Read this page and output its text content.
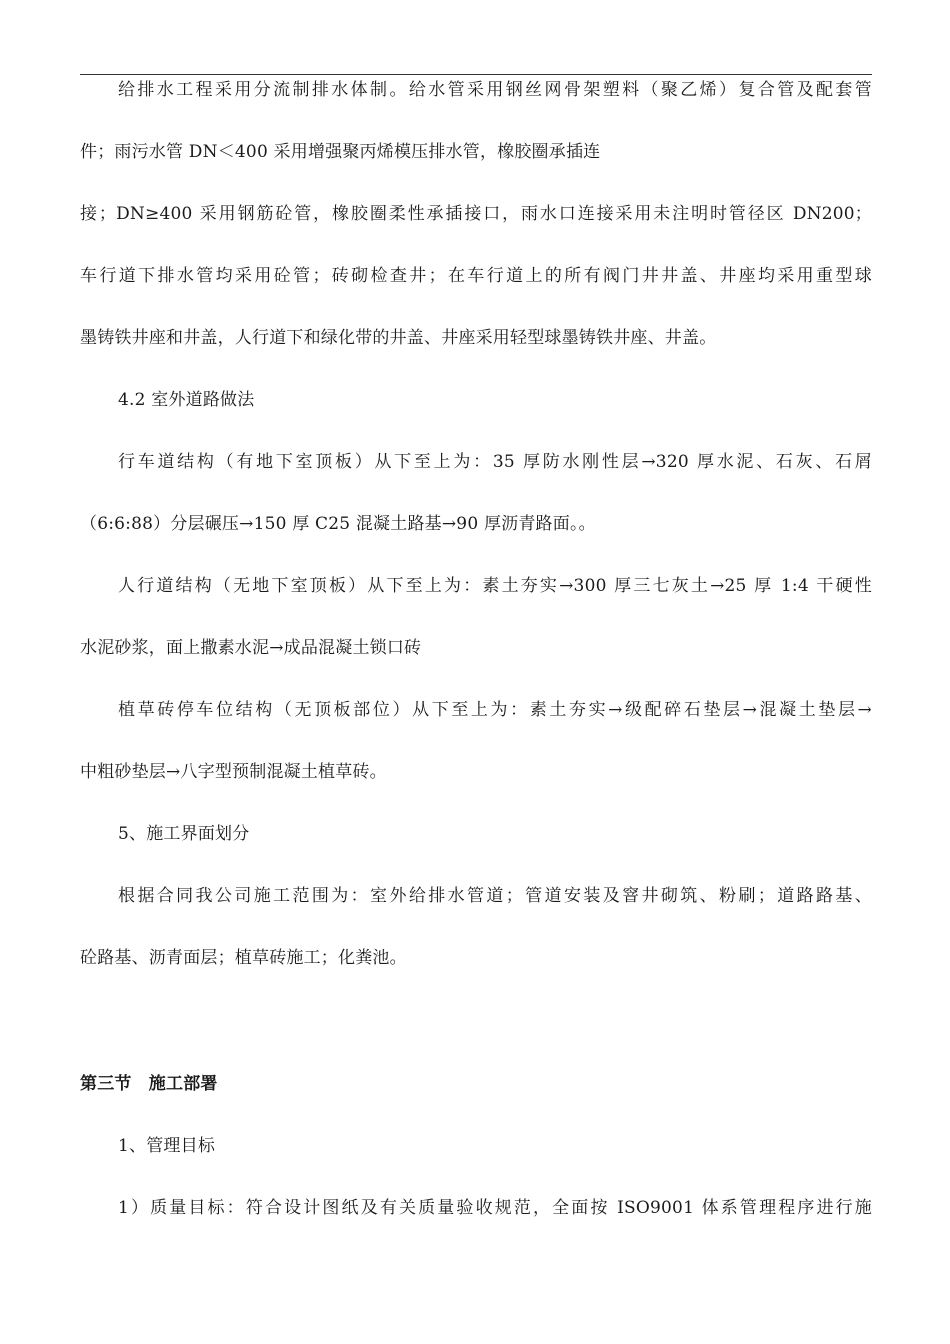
给排水工程采用分流制排水体制。给水管采用钢丝网骨架塑料（聚乙烯）复合管及配套管
件；雨污水管 DN＜400 采用增强聚丙烯模压排水管，橡胶圈承插连
接；DN≥400 采用钢筋砼管，橡胶圈柔性承插接口，雨水口连接采用未注明时管径区 DN200；
车行道下排水管均采用砼管；砖砌检查井；在车行道上的所有阀门井井盖、井座均采用重型球
墨铸铁井座和井盖，人行道下和绿化带的井盖、井座采用轻型球墨铸铁井座、井盖。
4.2 室外道路做法
行车道结构（有地下室顶板）从下至上为：35 厚防水刚性层→320 厚水泥、石灰、石屑
（6:6:88）分层碾压→150 厚 C25 混凝土路基→90 厚沥青路面。。
人行道结构（无地下室顶板）从下至上为：素土夯实→300 厚三七灰土→25 厚 1:4 干硬性
水泥砂浆，面上撒素水泥→成品混凝土锁口砖
植草砖停车位结构（无顶板部位）从下至上为：素土夯实→级配碎石垫层→混凝土垫层→
中粗砂垫层→八字型预制混凝土植草砖。
5、施工界面划分
根据合同我公司施工范围为：室外给排水管道；管道安装及窨井砌筑、粉刷；道路路基、
砼路基、沥青面层；植草砖施工；化粪池。
第三节　施工部署
1、管理目标
1）质量目标：符合设计图纸及有关质量验收规范，全面按 ISO9001 体系管理程序进行施
